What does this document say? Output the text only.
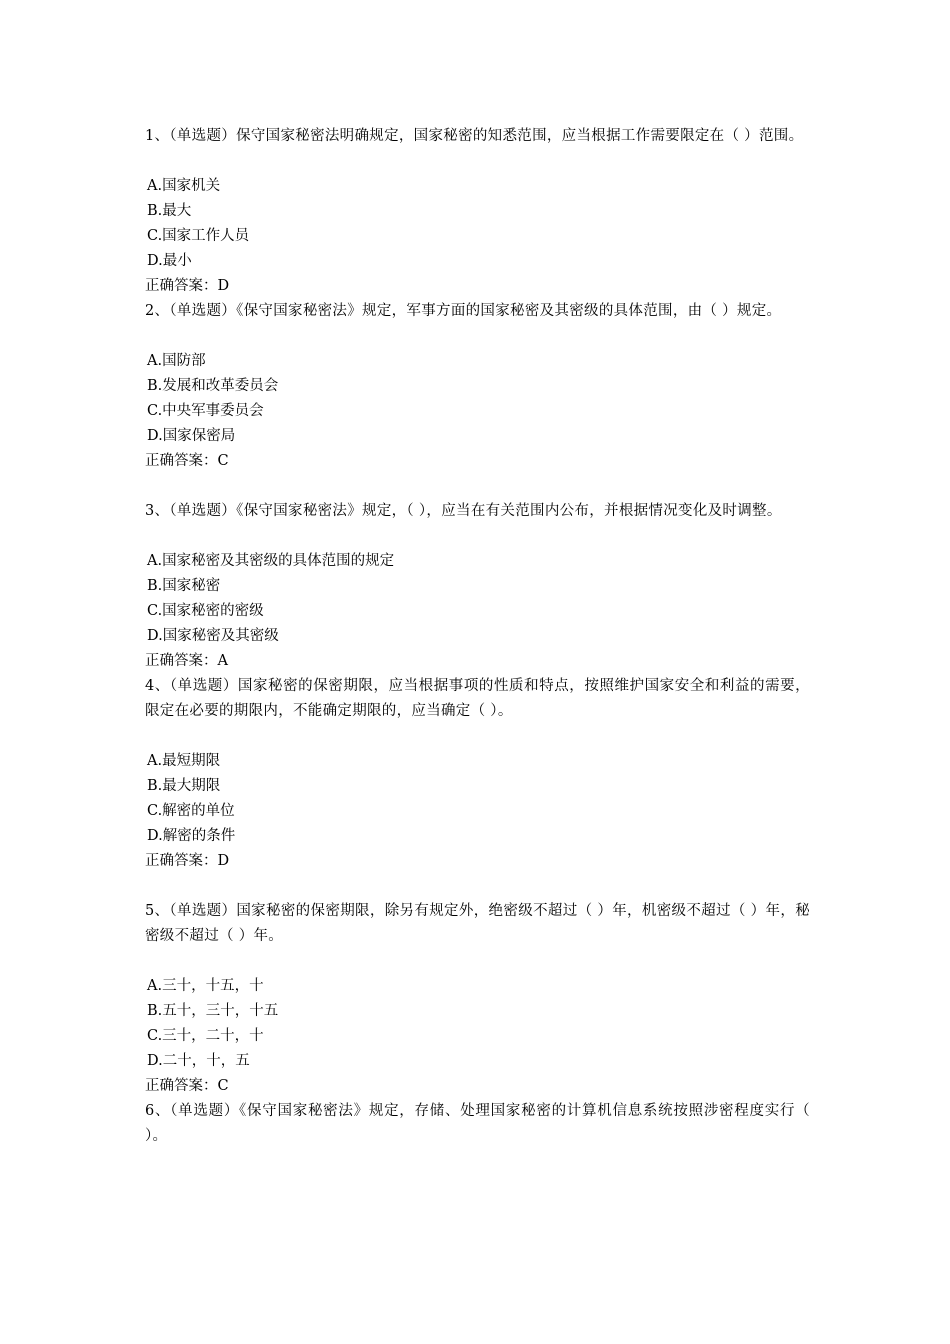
1、（单选题）保守国家秘密法明确规定，国家秘密的知悉范围，应当根据工作需要限定在（ ）范围。

A.国家机关

B.最大

C.国家工作人员

D.最小

正确答案：D

2、（单选题）《保守国家秘密法》规定，军事方面的国家秘密及其密级的具体范围，由（ ）规定。

A.国防部

B.发展和改革委员会

C.中央军事委员会

D.国家保密局

正确答案：C

3、（单选题）《保守国家秘密法》规定，（ ），应当在有关范围内公布，并根据情况变化及时调整。

A.国家秘密及其密级的具体范围的规定

B.国家秘密

C.国家秘密的密级

D.国家秘密及其密级

正确答案：A

4、（单选题）国家秘密的保密期限，应当根据事项的性质和特点，按照维护国家安全和利益的需要，限定在必要的期限内，不能确定期限的，应当确定（ ）。

A.最短期限

B.最大期限

C.解密的单位

D.解密的条件

正确答案：D

5、（单选题）国家秘密的保密期限，除另有规定外，绝密级不超过（ ）年，机密级不超过（ ）年，秘密级不超过（ ）年。

A.三十，十五，十

B.五十，三十，十五

C.三十，二十，十

D.二十，十，五

正确答案：C

6、（单选题）《保守国家秘密法》规定，存储、处理国家秘密的计算机信息系统按照涉密程度实行（ ）。
